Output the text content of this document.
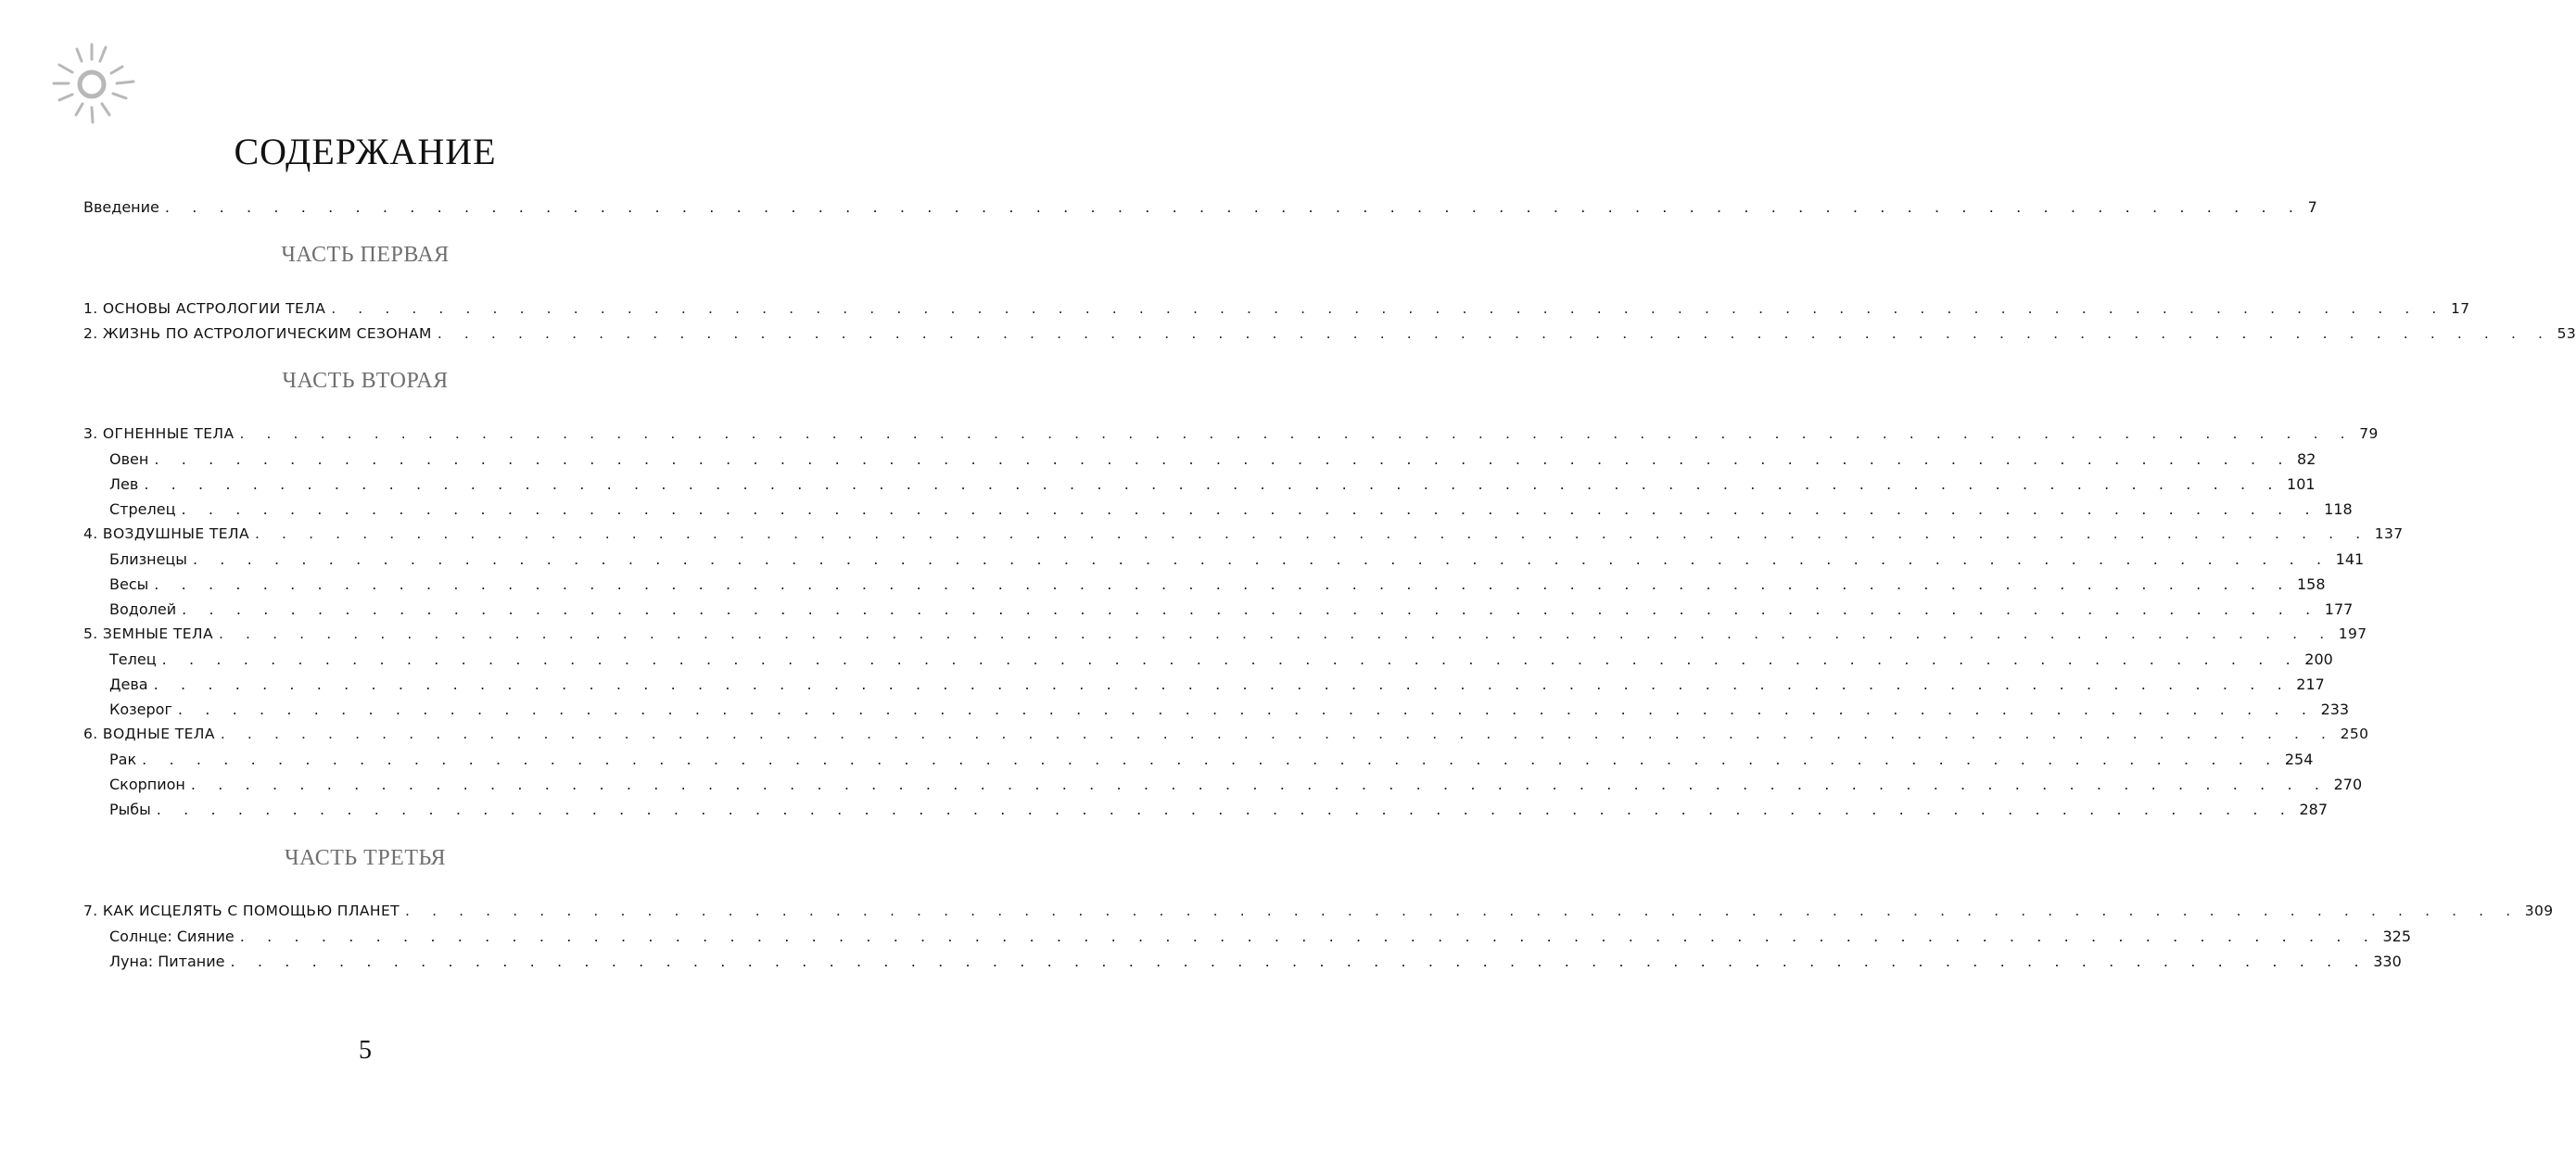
СОДЕРЖАНИЕ
Введение . . . . . . . . . . . . . . . . . . . . . . . . . . . . . . . . . . . . . . . . . . . . . . . . . . . . . . . . . . . . . . . . . . . . . . . . . . . . . . . 7
ЧАСТЬ ПЕРВАЯ
1. ОСНОВЫ АСТРОЛОГИИ ТЕЛА . . . . . . . . . . . . . . . . . . . . . . . . . . . . . . . . . . . . . . . . . . . . . . . . . . . . . . . . . . . . . . . . . . . . . . . . . . . . . . . 17
2. ЖИЗНЬ ПО АСТРОЛОГИЧЕСКИМ СЕЗОНАМ . . . . . . . . . . . . . . . . . . . . . . . . . . . . . . . . . . . . . . . . . . . . . . . . . . . . . . . . . . . . . . . . . . . . . . . . . . . . . . . 53
ЧАСТЬ ВТОРАЯ
3. ОГНЕННЫЕ ТЕЛА . . . . . . . . . . . . . . . . . . . . . . . . . . . . . . . . . . . . . . . . . . . . . . . . . . . . . . . . . . . . . . . . . . . . . . . . . . . . . . . 79
Овен . . . . . . . . . . . . . . . . . . . . . . . . . . . . . . . . . . . . . . . . . . . . . . . . . . . . . . . . . . . . . . . . . . . . . . . . . . . . . . . 82
Лев . . . . . . . . . . . . . . . . . . . . . . . . . . . . . . . . . . . . . . . . . . . . . . . . . . . . . . . . . . . . . . . . . . . . . . . . . . . . . . . 101
Стрелец . . . . . . . . . . . . . . . . . . . . . . . . . . . . . . . . . . . . . . . . . . . . . . . . . . . . . . . . . . . . . . . . . . . . . . . . . . . . . . . 118
4. ВОЗДУШНЫЕ ТЕЛА . . . . . . . . . . . . . . . . . . . . . . . . . . . . . . . . . . . . . . . . . . . . . . . . . . . . . . . . . . . . . . . . . . . . . . . . . . . . . . . 137
Близнецы . . . . . . . . . . . . . . . . . . . . . . . . . . . . . . . . . . . . . . . . . . . . . . . . . . . . . . . . . . . . . . . . . . . . . . . . . . . . . . . 141
Весы . . . . . . . . . . . . . . . . . . . . . . . . . . . . . . . . . . . . . . . . . . . . . . . . . . . . . . . . . . . . . . . . . . . . . . . . . . . . . . . 158
Водолей . . . . . . . . . . . . . . . . . . . . . . . . . . . . . . . . . . . . . . . . . . . . . . . . . . . . . . . . . . . . . . . . . . . . . . . . . . . . . . . 177
5. ЗЕМНЫЕ ТЕЛА . . . . . . . . . . . . . . . . . . . . . . . . . . . . . . . . . . . . . . . . . . . . . . . . . . . . . . . . . . . . . . . . . . . . . . . . . . . . . . . 197
Телец . . . . . . . . . . . . . . . . . . . . . . . . . . . . . . . . . . . . . . . . . . . . . . . . . . . . . . . . . . . . . . . . . . . . . . . . . . . . . . . 200
Дева . . . . . . . . . . . . . . . . . . . . . . . . . . . . . . . . . . . . . . . . . . . . . . . . . . . . . . . . . . . . . . . . . . . . . . . . . . . . . . . 217
Козерог . . . . . . . . . . . . . . . . . . . . . . . . . . . . . . . . . . . . . . . . . . . . . . . . . . . . . . . . . . . . . . . . . . . . . . . . . . . . . . . 233
6. ВОДНЫЕ ТЕЛА . . . . . . . . . . . . . . . . . . . . . . . . . . . . . . . . . . . . . . . . . . . . . . . . . . . . . . . . . . . . . . . . . . . . . . . . . . . . . . . 250
Рак . . . . . . . . . . . . . . . . . . . . . . . . . . . . . . . . . . . . . . . . . . . . . . . . . . . . . . . . . . . . . . . . . . . . . . . . . . . . . . . 254
Скорпион . . . . . . . . . . . . . . . . . . . . . . . . . . . . . . . . . . . . . . . . . . . . . . . . . . . . . . . . . . . . . . . . . . . . . . . . . . . . . . . 270
Рыбы . . . . . . . . . . . . . . . . . . . . . . . . . . . . . . . . . . . . . . . . . . . . . . . . . . . . . . . . . . . . . . . . . . . . . . . . . . . . . . . 287
ЧАСТЬ ТРЕТЬЯ
7. КАК ИСЦЕЛЯТЬ С ПОМОЩЬЮ ПЛАНЕТ . . . . . . . . . . . . . . . . . . . . . . . . . . . . . . . . . . . . . . . . . . . . . . . . . . . . . . . . . . . . . . . . . . . . . . . . . . . . . . . 309
Солнце: Сияние . . . . . . . . . . . . . . . . . . . . . . . . . . . . . . . . . . . . . . . . . . . . . . . . . . . . . . . . . . . . . . . . . . . . . . . . . . . . . . . 325
Луна: Питание . . . . . . . . . . . . . . . . . . . . . . . . . . . . . . . . . . . . . . . . . . . . . . . . . . . . . . . . . . . . . . . . . . . . . . . . . . . . . . . 330
5
